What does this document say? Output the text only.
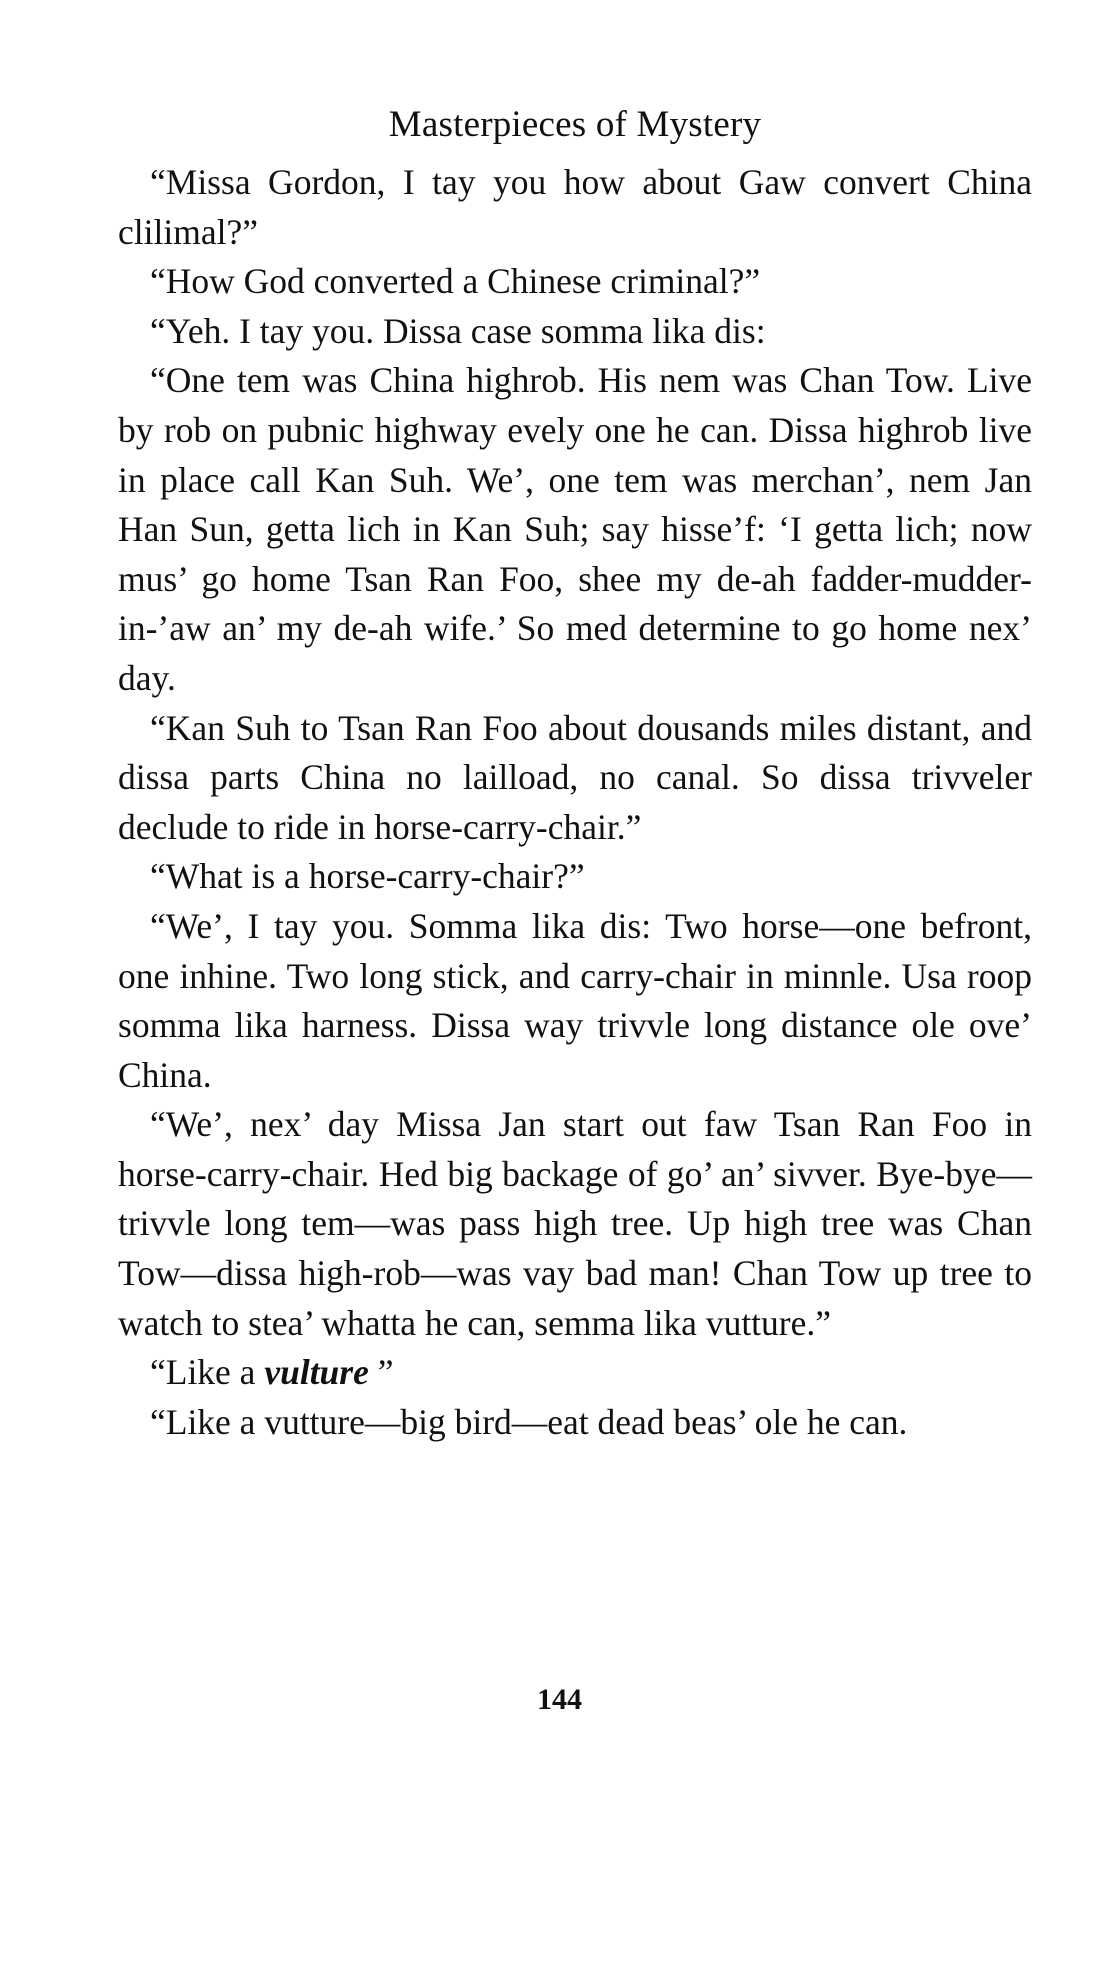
Masterpieces of Mystery

“Missa Gordon, I tay you how about Gaw convert China clilimal?”

“How God converted a Chinese criminal?”

“Yeh. I tay you. Dissa case somma lika dis:

“One tem was China highrob. His nem was Chan Tow. Live by rob on pubnic highway evely one he can. Dissa highrob live in place call Kan Suh. We’, one tem was merchan’, nem Jan Han Sun, getta lich in Kan Suh; say hisse’f: ‘I getta lich; now mus’ go home Tsan Ran Foo, shee my de-ah fadder-mudder-in-’aw an’ my de-ah wife.’ So med determine to go home nex’ day.

“Kan Suh to Tsan Ran Foo about dousands miles distant, and dissa parts China no lailload, no canal. So dissa trivveler declude to ride in horse-carry-chair.”

“What is a horse-carry-chair?”

“We’, I tay you. Somma lika dis: Two horse—one befront, one inhine. Two long stick, and carry-chair in minnle. Usa roop somma lika harness. Dissa way trivvle long distance ole ove’ China.

“We’, nex’ day Missa Jan start out faw Tsan Ran Foo in horse-carry-chair. Hed big backage of go’ an’ sivver. Bye-bye—trivvle long tem—was pass high tree. Up high tree was Chan Tow—dissa high-rob—was vay bad man! Chan Tow up tree to watch to stea’ whatta he can, semma lika vutture.”

“Like a vulture ”

“Like a vutture—big bird—eat dead beas’ ole he can.

144
